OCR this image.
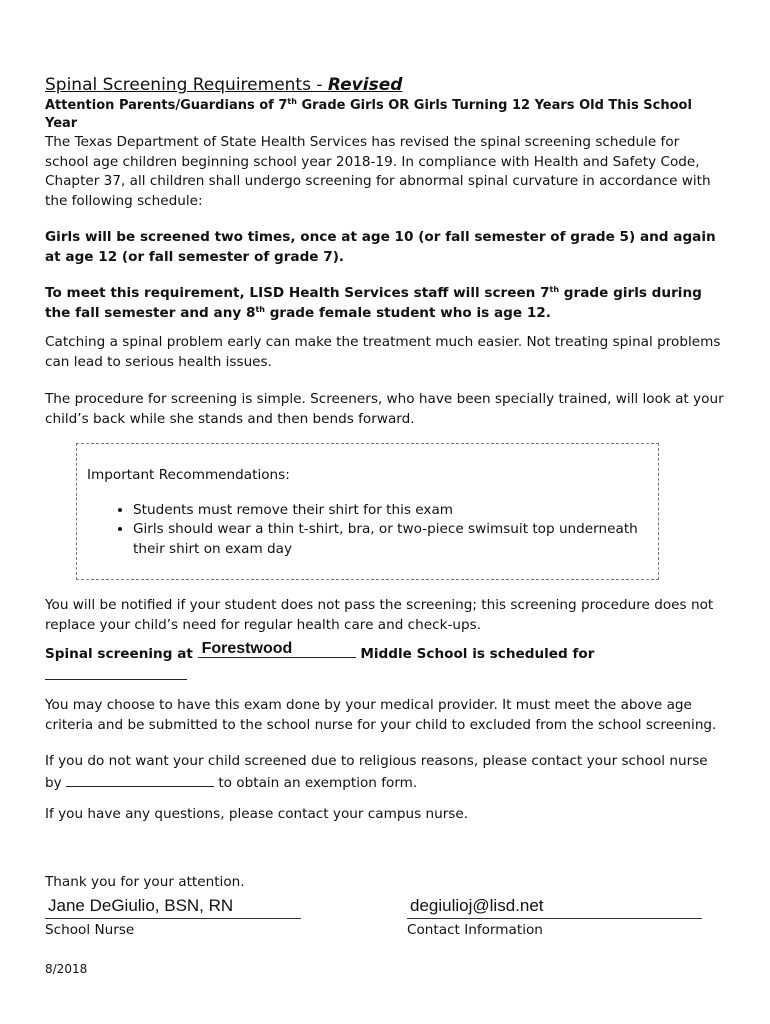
Spinal Screening Requirements - Revised

Attention Parents/Guardians of 7th Grade Girls OR Girls Turning 12 Years Old This School Year

The Texas Department of State Health Services has revised the spinal screening schedule for school age children beginning school year 2018-19. In compliance with Health and Safety Code, Chapter 37, all children shall undergo screening for abnormal spinal curvature in accordance with the following schedule:

Girls will be screened two times, once at age 10 (or fall semester of grade 5) and again at age 12 (or fall semester of grade 7).

To meet this requirement, LISD Health Services staff will screen 7th grade girls during the fall semester and any 8th grade female student who is age 12.

Catching a spinal problem early can make the treatment much easier. Not treating spinal problems can lead to serious health issues.

The procedure for screening is simple. Screeners, who have been specially trained, will look at your child’s back while she stands and then bends forward.

Important Recommendations:

• Students must remove their shirt for this exam
• Girls should wear a thin t-shirt, bra, or two-piece swimsuit top underneath their shirt on exam day

You will be notified if your student does not pass the screening; this screening procedure does not replace your child’s need for regular health care and check-ups.

Spinal screening at Forestwood	Middle School is scheduled for

You may choose to have this exam done by your medical provider. It must meet the above age criteria and be submitted to the school nurse for your child to excluded from the school screening.

If you do not want your child screened due to religious reasons, please contact your school nurse by	to obtain an exemption form.

If you have any questions, please contact your campus nurse.

Thank you for your attention.

Jane DeGiulio, BSN, RN
School Nurse
degiulioj@lisd.net
Contact Information
8/2018
